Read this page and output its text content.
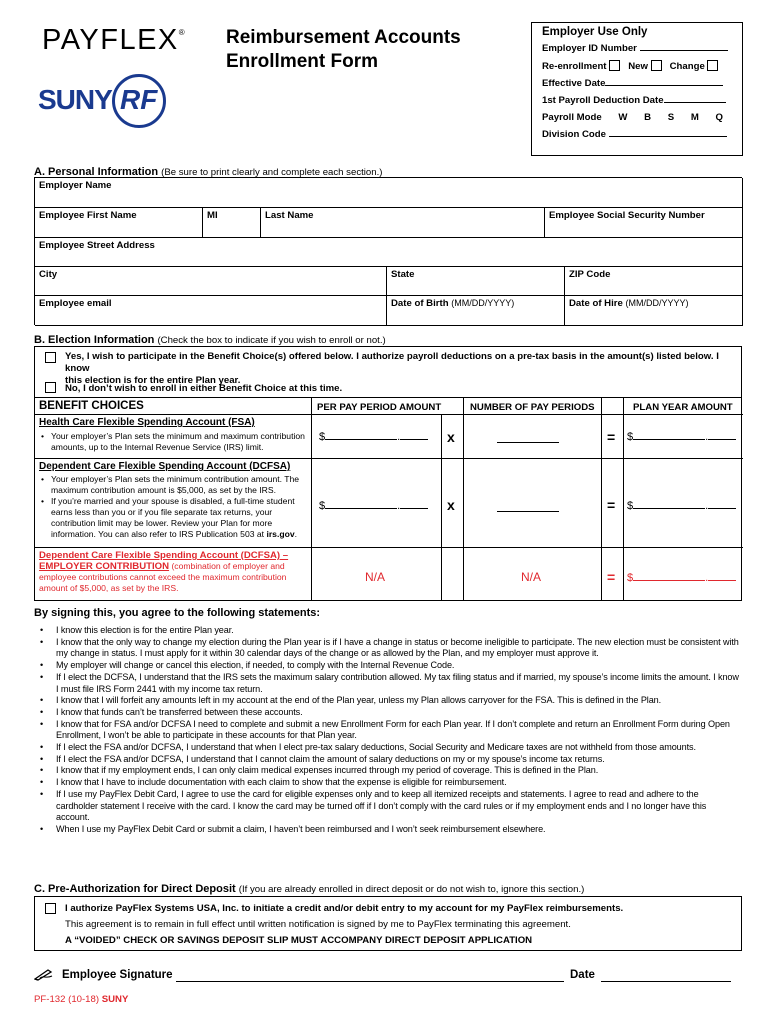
PAYFLEX®
SUNY RF
Reimbursement Accounts
Enrollment Form
Employer Use Only
Employer ID Number
Re-enrollment New Change
Effective Date
1st Payroll Deduction Date
Payroll Mode W B S M Q
Division Code
A. Personal Information (Be sure to print clearly and complete each section.)
Employer Name
Employee First Name	MI	Last Name	Employee Social Security Number
Employee Street Address
City	State	ZIP Code
Employee email	Date of Birth (MM/DD/YYYY)	Date of Hire (MM/DD/YYYY)
B. Election Information (Check the box to indicate if you wish to enroll or not.)
Yes, I wish to participate in the Benefit Choice(s) offered below. I authorize payroll deductions on a pre-tax basis in the amount(s) listed below. I know
this election is for the entire Plan year.
No, I don’t wish to enroll in either Benefit Choice at this time.
BENEFIT CHOICES	PER PAY PERIOD AMOUNT	NUMBER OF PAY PERIODS	PLAN YEAR AMOUNT
Health Care Flexible Spending Account (FSA)
• Your employer’s Plan sets the minimum and maximum contribution amounts, up to the Internal Revenue Service (IRS) limit.
$	.	x	= $	.
Dependent Care Flexible Spending Account (DCFSA)
• Your employer’s Plan sets the minimum contribution amount. The maximum contribution amount is $5,000, as set by the IRS.
• If you’re married and your spouse is disabled, a full-time student earns less than you or if you file separate tax returns, your contribution limit may be lower. Review your Plan for more information. You can also refer to IRS Publication 503 at irs.gov.
$	.	x	= $	.
Dependent Care Flexible Spending Account (DCFSA) –
EMPLOYER CONTRIBUTION (combination of employer and
employee contributions cannot exceed the maximum contribution amount of $5,000, as set by the IRS.
N/A	N/A	= $	.
By signing this, you agree to the following statements:
• I know this election is for the entire Plan year.
• I know that the only way to change my election during the Plan year is if I have a change in status or become ineligible to participate. The new election must be consistent with my change in status. I must apply for it within 30 calendar days of the change or as allowed by the Plan, and my employer must approve it.
• My employer will change or cancel this election, if needed, to comply with the Internal Revenue Code.
• If I elect the DCFSA, I understand that the IRS sets the maximum salary contribution allowed. My tax filing status and if married, my spouse’s income limits the amount. I know I must file IRS Form 2441 with my income tax return.
• I know that I will forfeit any amounts left in my account at the end of the Plan year, unless my Plan allows carryover for the FSA. This is defined in the Plan.
• I know that funds can’t be transferred between these accounts.
• I know that for FSA and/or DCFSA I need to complete and submit a new Enrollment Form for each Plan year. If I don’t complete and return an Enrollment Form during Open Enrollment, I won’t be able to participate in these accounts for that Plan year.
• If I elect the FSA and/or DCFSA, I understand that when I elect pre-tax salary deductions, Social Security and Medicare taxes are not withheld from those amounts.
• If I elect the FSA and/or DCFSA, I understand that I cannot claim the amount of salary deductions on my or my spouse’s income tax returns.
• I know that if my employment ends, I can only claim medical expenses incurred through my period of coverage. This is defined in the Plan.
• I know that I have to include documentation with each claim to show that the expense is eligible for reimbursement.
• If I use my PayFlex Debit Card, I agree to use the card for eligible expenses only and to keep all itemized receipts and statements. I agree to read and adhere to the cardholder statement I receive with the card. I know the card may be turned off if I don’t comply with the card rules or if my employment ends and I no longer have this account.
• When I use my PayFlex Debit Card or submit a claim, I haven’t been reimbursed and I won’t seek reimbursement elsewhere.
C. Pre-Authorization for Direct Deposit (If you are already enrolled in direct deposit or do not wish to, ignore this section.)
I authorize PayFlex Systems USA, Inc. to initiate a credit and/or debit entry to my account for my PayFlex reimbursements.
This agreement is to remain in full effect until written notification is signed by me to PayFlex terminating this agreement.
A “VOIDED” CHECK OR SAVINGS DEPOSIT SLIP MUST ACCOMPANY DIRECT DEPOSIT APPLICATION
Employee Signature	Date
PF-132 (10-18) SUNY
